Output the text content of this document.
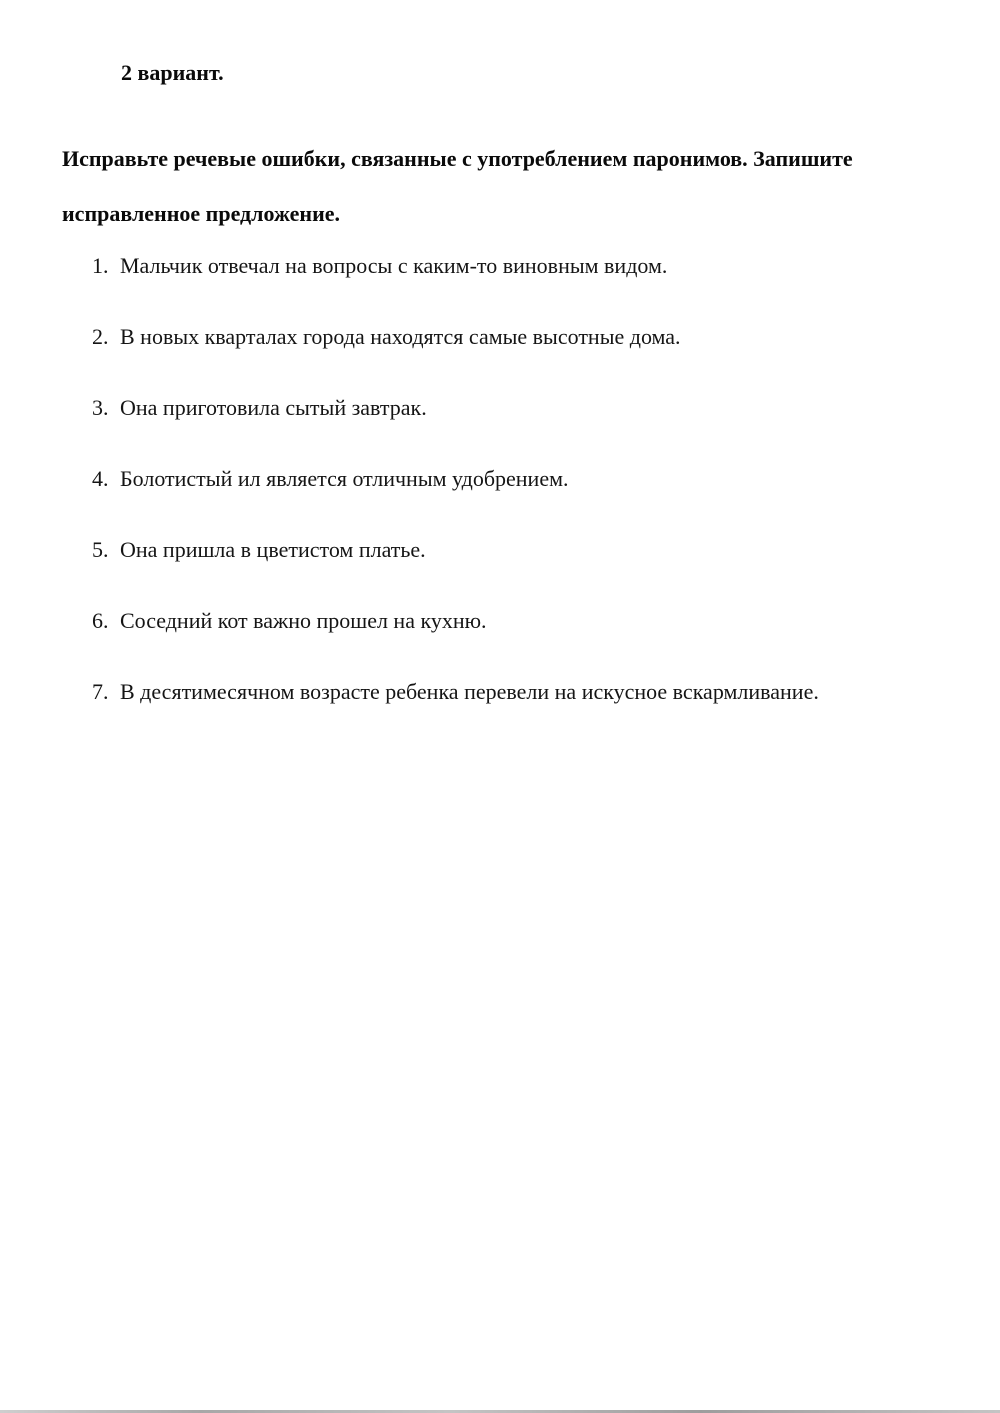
2 вариант.
Исправьте речевые ошибки, связанные с употреблением паронимов. Запишите исправленное предложение.
1. Мальчик отвечал на вопросы с каким-то виновным видом.
2. В новых кварталах города находятся самые высотные дома.
3. Она приготовила сытый завтрак.
4. Болотистый ил является отличным удобрением.
5. Она пришла в цветистом платье.
6. Соседний кот важно прошел на кухню.
7. В десятимесячном возрасте ребенка перевели на искусное вскармливание.
